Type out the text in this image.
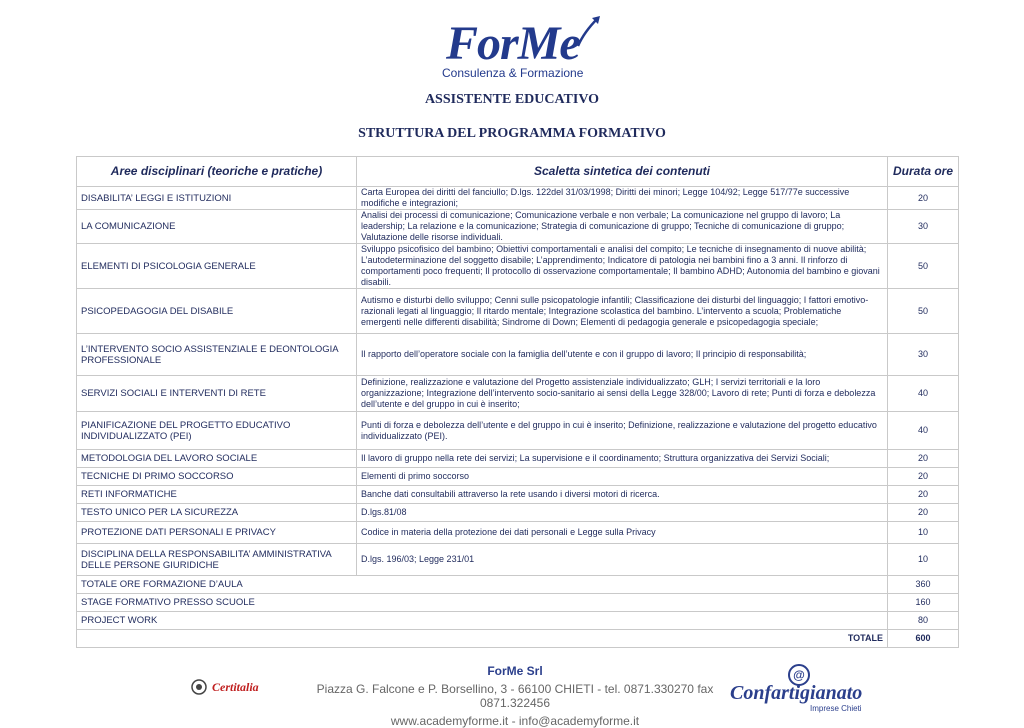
ForMe
Consulenza & Formazione
ASSISTENTE EDUCATIVO
STRUTTURA DEL PROGRAMMA FORMATIVO
Aree disciplinari (teoriche e pratiche)	Scaletta sintetica dei contenuti	Durata ore
DISABILITA’ LEGGI E ISTITUZIONI	Carta Europea dei diritti del fanciullo; D.lgs. 122del 31/03/1998; Diritti dei minori; Legge 104/92; Legge 517/77e successive modifiche e integrazioni;	20
LA COMUNICAZIONE	Analisi dei processi di comunicazione; Comunicazione verbale e non verbale; La comunicazione nel gruppo di lavoro; La leadership; La relazione e la comunicazione; Strategia di comunicazione di gruppo; Tecniche di comunicazione di gruppo; Valutazione delle risorse individuali.	30
ELEMENTI DI PSICOLOGIA GENERALE	Sviluppo psicofisico del bambino; Obiettivi comportamentali e analisi del compito; Le tecniche di insegnamento di nuove abilità; L’autodeterminazione del soggetto disabile; L’apprendimento; Indicatore di patologia nei bambini fino a 3 anni. Il rinforzo di comportamenti poco frequenti; Il protocollo di osservazione comportamentale; Il bambino ADHD; Autonomia del bambino e giovani disabili.	50
PSICOPEDAGOGIA DEL DISABILE	Autismo e disturbi dello sviluppo; Cenni sulle psicopatologie infantili; Classificazione dei disturbi del linguaggio; I fattori emotivo-razionali legati al linguaggio; Il ritardo mentale; Integrazione scolastica del bambino. L’intervento a scuola; Problematiche emergenti nelle differenti disabilità; Sindrome di Down; Elementi di pedagogia generale e psicopedagogia speciale;	50
L’INTERVENTO SOCIO ASSISTENZIALE E DEONTOLOGIA PROFESSIONALE	Il rapporto dell’operatore sociale con la famiglia dell’utente e con il gruppo di lavoro; Il principio di responsabilità;	30
SERVIZI SOCIALI E INTERVENTI DI RETE	Definizione, realizzazione e valutazione del Progetto assistenziale individualizzato; GLH; I servizi territoriali e la loro organizzazione; Integrazione dell’intervento socio-sanitario ai sensi della Legge 328/00; Lavoro di rete; Punti di forza e debolezza dell’utente e del gruppo in cui è inserito;	40
PIANIFICAZIONE DEL PROGETTO EDUCATIVO INDIVIDUALIZZATO (PEI)	Punti di forza e debolezza dell’utente e del gruppo in cui è inserito; Definizione, realizzazione e valutazione del progetto educativo individualizzato (PEI).	40
METODOLOGIA DEL LAVORO SOCIALE	Il lavoro di gruppo nella rete dei servizi; La supervisione e il coordinamento; Struttura organizzativa dei Servizi Sociali;	20
TECNICHE DI PRIMO SOCCORSO	Elementi di primo soccorso	20
RETI INFORMATICHE	Banche dati consultabili attraverso la rete usando i diversi motori di ricerca.	20
TESTO UNICO PER LA SICUREZZA	D.lgs.81/08	20
PROTEZIONE DATI PERSONALI E PRIVACY	Codice in materia della protezione dei dati personali e Legge sulla Privacy	10
DISCIPLINA DELLA RESPONSABILITA’ AMMINISTRATIVA DELLE PERSONE GIURIDICHE	D.lgs. 196/03; Legge 231/01	10
TOTALE ORE FORMAZIONE D’AULA		360
STAGE FORMATIVO PRESSO SCUOLE		160
PROJECT WORK		80
TOTALE		600
Certitalia
ForMe Srl
Piazza G. Falcone e P. Borsellino, 3 - 66100 CHIETI - tel. 0871.330270 fax 0871.322456
www.academyforme.it - info@academyforme.it
@
Confartigianato
Imprese Chieti
